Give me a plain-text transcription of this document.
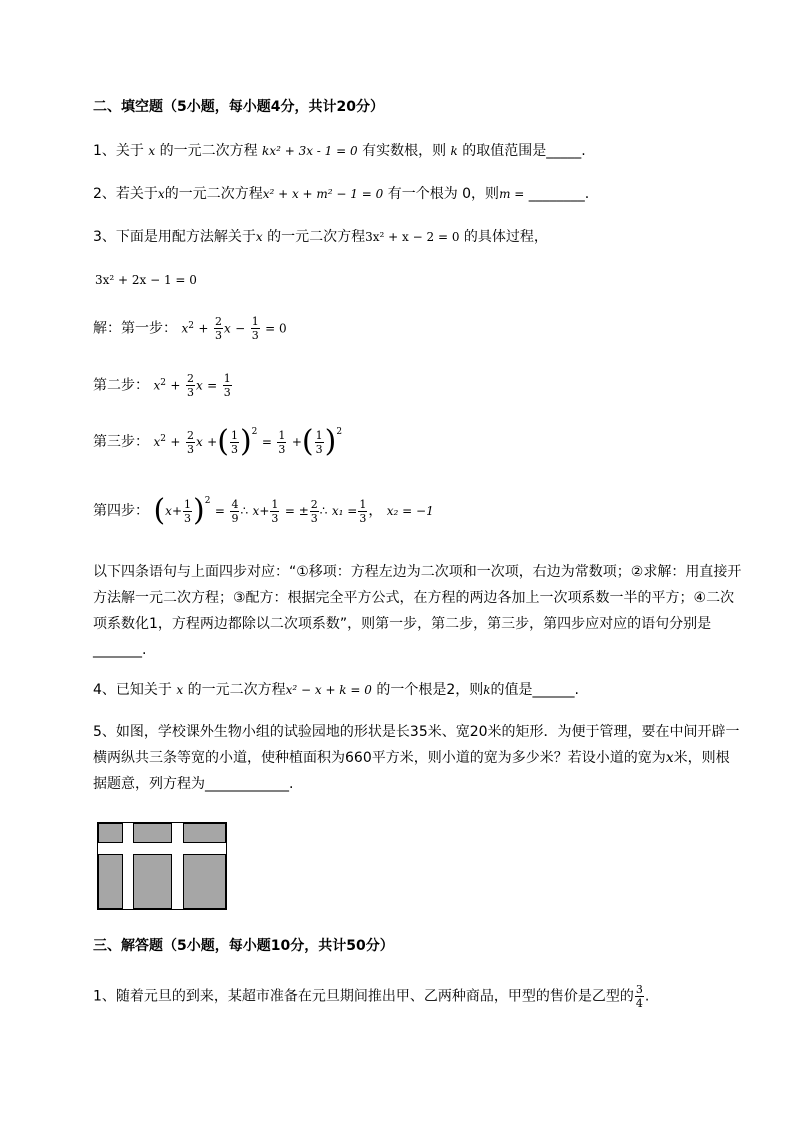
二、填空题（5小题，每小题4分，共计20分）
1、关于 x 的一元二次方程 kx² + 3x - 1 = 0 有实数根，则 k 的取值范围是_____.
2、若关于x的一元二次方程x² + x + m² − 1 = 0 有一个根为 0，则m = ________.
3、下面是用配方法解关于x 的一元二次方程3x² + x − 2 = 0 的具体过程，
3x² + 2x − 1 = 0
解：第一步： $x^2 + \frac{2}{3}$ $x - \frac{1}{3} = 0$
第二步： $x^2 + \frac{2}{3}$ $x = \frac{1}{3}$
第三步： $x^2 + \frac{2}{3}$ x +( $\frac{1}{3} )^2 = \frac{1}{3}$ +( $\frac{1}{3} )^2$
第四步： $(x+ \frac{1}{3} )^2 = \frac{4}{9}$ ∴ $x+ \frac{1}{3}$ = ± $\frac{2}{3}$ ∴ $x_1 = \frac{1}{3}$ ， x₂ = −1
以下四条语句与上面四步对应：“①移项：方程左边为二次项和一次项，右边为常数项；②求解：用直接开方法解一元二次方程；③配方：根据完全平方公式，在方程的两边各加上一次项系数一半的平方；④二次项系数化1，方程两边都除以二次项系数”，则第一步，第二步，第三步，第四步应对应的语句分别是_______.
4、已知关于 x 的一元二次方程x² − x + k = 0 的一个根是2，则k的值是______.
5、如图，学校课外生物小组的试验园地的形状是长35米、宽20米的矩形．为便于管理，要在中间开辟一横两纵共三条等宽的小道，使种植面积为660平方米，则小道的宽为多少米？若设小道的宽为x米，则根据题意，列方程为____________.
三、解答题（5小题，每小题10分，共计50分）
1、随着元旦的到来，某超市准备在元旦期间推出甲、乙两种商品，甲型的售价是乙型的 $\frac{3}{4}$ .
